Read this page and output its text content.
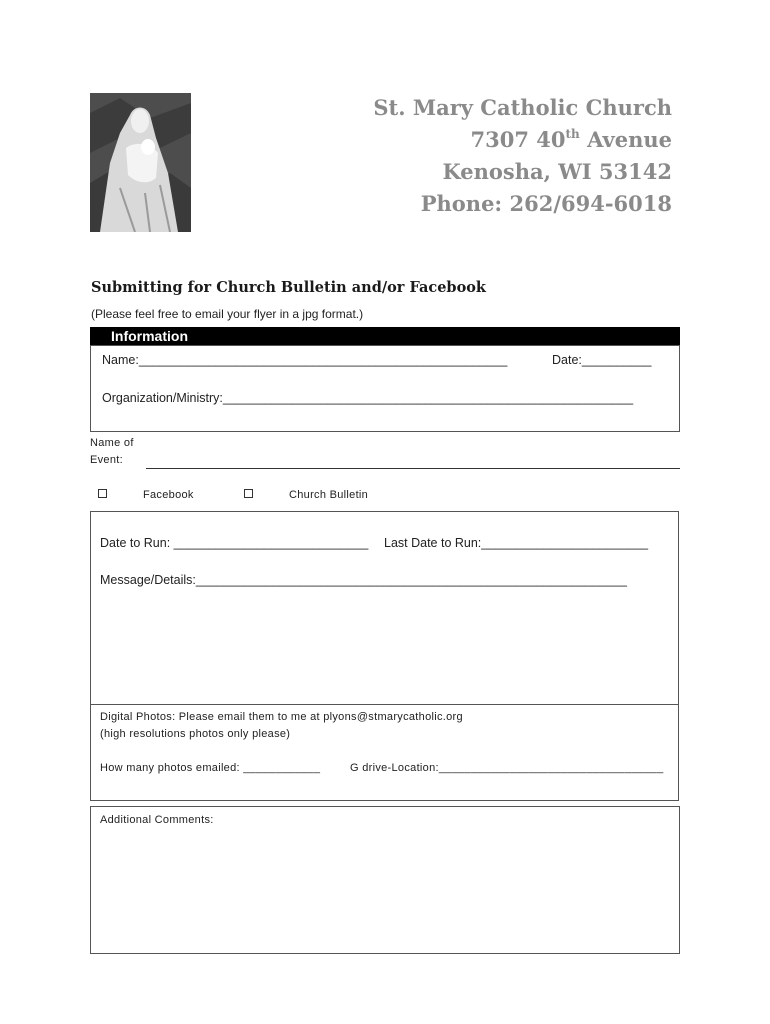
St. Mary Catholic Church
7307 40th Avenue
Kenosha, WI 53142
Phone: 262/694-6018
Submitting for Church Bulletin and/or Facebook
(Please feel free to email your flyer in a jpg format.)
Information
Name:_____________________________________________________	Date:__________
Organization/Ministry:___________________________________________________________
Name of
Event:
Facebook	Church Bulletin
Date to Run: ____________________________ Last Date to Run:________________________
Message/Details:______________________________________________________________
Digital Photos: Please email them to me at plyons@stmarycatholic.org
(high resolutions photos only please)
How many photos emailed: ____________	G drive-Location:___________________________________
Additional Comments:
